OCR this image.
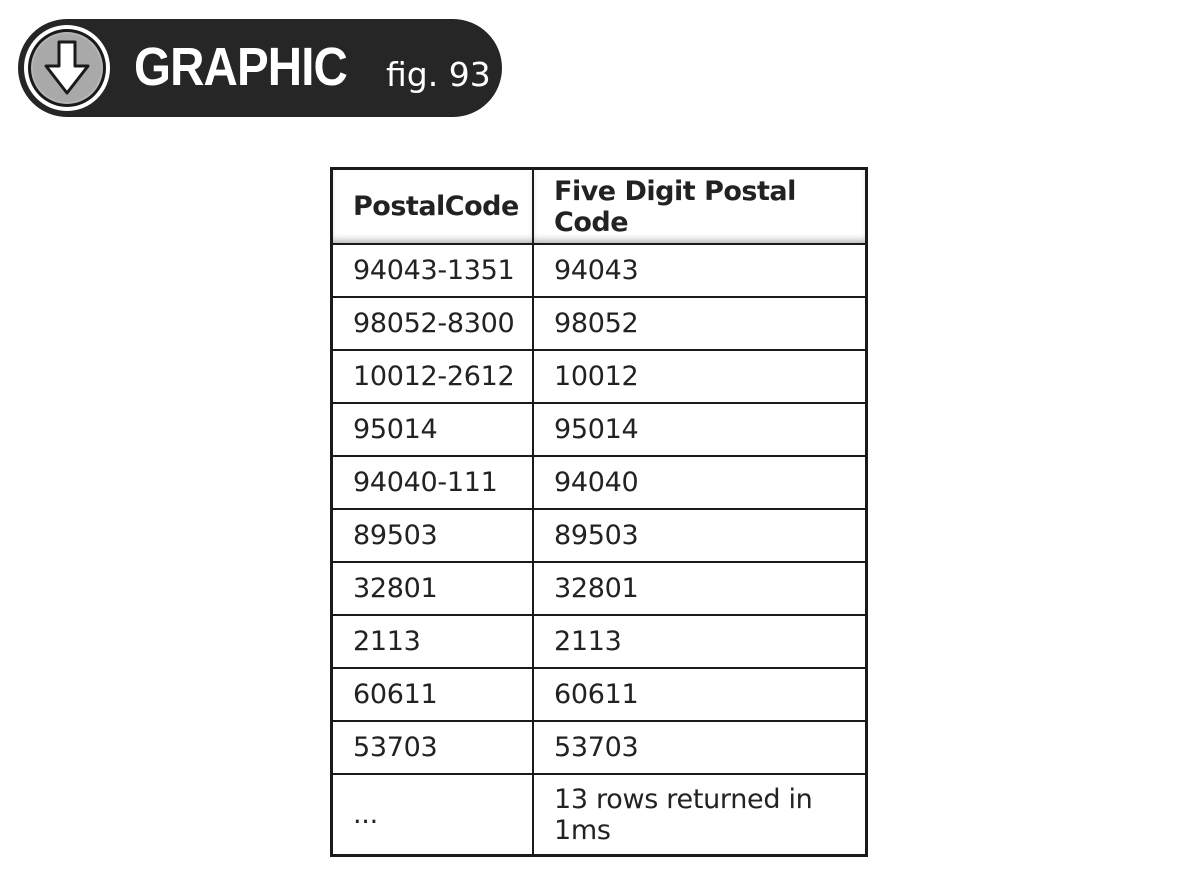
GRAPHIC fig. 93
PostalCode	Five Digit Postal Code
94043-1351	94043
98052-8300	98052
10012-2612	10012
95014	95014
94040-111	94040
89503	89503
32801	32801
2113	2113
60611	60611
53703	53703
...	13 rows returned in 1ms
